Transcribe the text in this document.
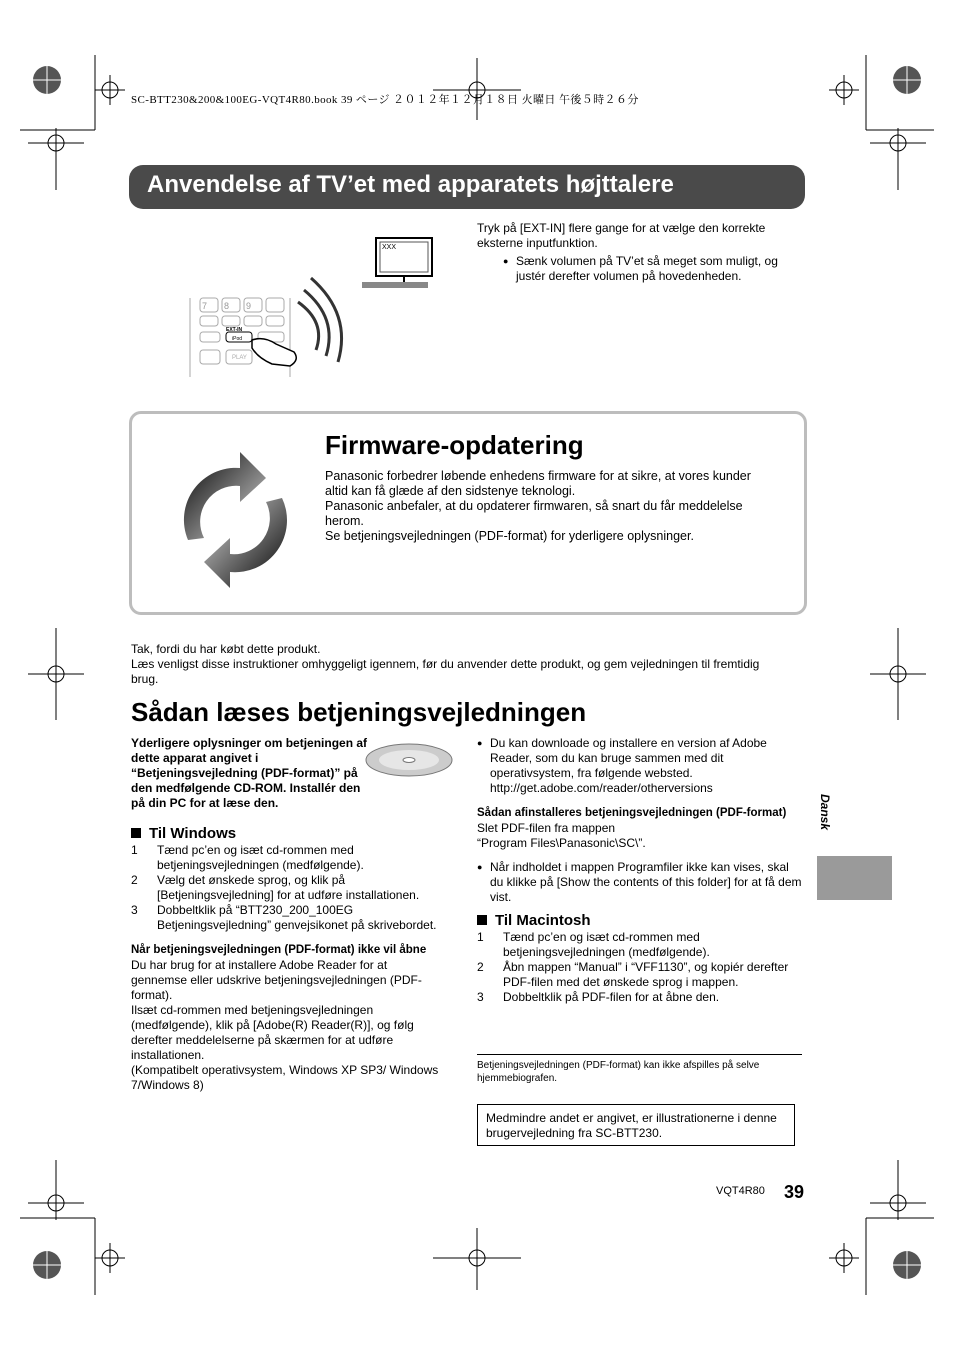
SC-BTT230&200&100EG-VQT4R80.book 39 ページ ２０１２年１２月１８日 火曜日 午後５時２６分
Anvendelse af TV’et med apparatets højttalere
XXX
7 8 9
EXT-IN
iPod
PLAY
Tryk på [EXT-IN] flere gange for at vælge den korrekte eksterne inputfunktion.
● Sænk volumen på TV’et så meget som muligt, og justér derefter volumen på hovedenheden.
Firmware-opdatering
Panasonic forbedrer løbende enhedens firmware for at sikre, at vores kunder altid kan få glæde af den sidstenye teknologi.
Panasonic anbefaler, at du opdaterer firmwaren, så snart du får meddelelse herom.
Se betjeningsvejledningen (PDF-format) for yderligere oplysninger.
Tak, fordi du har købt dette produkt.
Læs venligst disse instruktioner omhyggeligt igennem, før du anvender dette produkt, og gem vejledningen til fremtidig brug.
Sådan læses betjeningsvejledningen
Yderligere oplysninger om betjeningen af dette apparat angivet i “Betjeningsvejledning (PDF-format)” på den medfølgende CD-ROM. Installér den på din PC for at læse den.
Til Windows
1 Tænd pc’en og isæt cd-rommen med betjeningsvejledningen (medfølgende).
2 Vælg det ønskede sprog, og klik på [Betjeningsvejledning] for at udføre installationen.
3 Dobbeltklik på “BTT230_200_100EG Betjeningsvejledning” genvejsikonet på skrivebordet.
Når betjeningsvejledningen (PDF-format) ikke vil åbne
Du har brug for at installere Adobe Reader for at gennemse eller udskrive betjeningsvejledningen (PDF-format).
Ilsæt cd-rommen med betjeningsvejledningen (medfølgende), klik på [Adobe(R) Reader(R)], og følg derefter meddelelserne på skærmen for at udføre installationen.
(Kompatibelt operativsystem, Windows XP SP3/ Windows 7/Windows 8)
● Du kan downloade og installere en version af Adobe Reader, som du kan bruge sammen med dit operativsystem, fra følgende websted.
http://get.adobe.com/reader/otherversions
Sådan afinstalleres betjeningsvejledningen (PDF-format)
Slet PDF-filen fra mappen
“Program Files\Panasonic\SC\”.
● Når indholdet i mappen Programfiler ikke kan vises, skal du klikke på [Show the contents of this folder] for at få dem vist.
Til Macintosh
1 Tænd pc’en og isæt cd-rommen med betjeningsvejledningen (medfølgende).
2 Åbn mappen “Manual” i “VFF1130”, og kopiér derefter PDF-filen med det ønskede sprog i mappen.
3 Dobbeltklik på PDF-filen for at åbne den.
Betjeningsvejledningen (PDF-format) kan ikke afspilles på selve hjemmebiografen.
Medmindre andet er angivet, er illustrationerne i denne brugervejledning fra SC-BTT230.
Dansk
VQT4R80 39
